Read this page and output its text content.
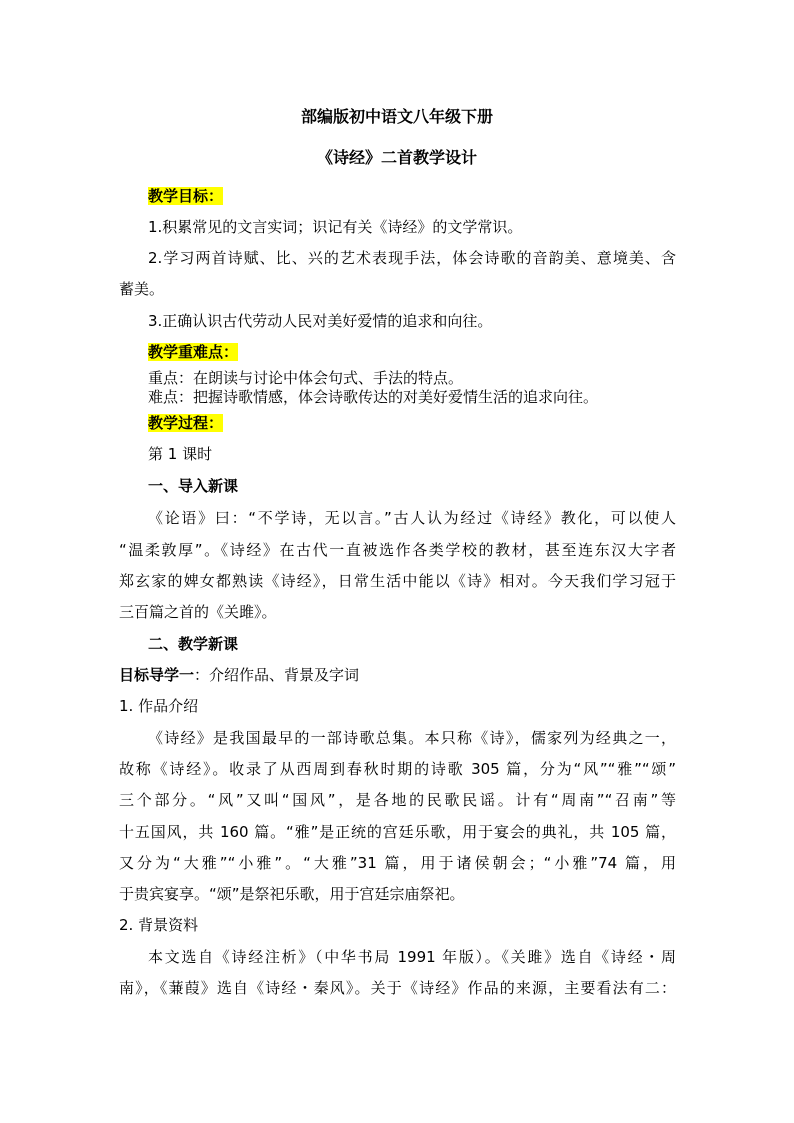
部编版初中语文八年级下册
《诗经》二首教学设计
教学目标：
1.积累常见的文言实词；识记有关《诗经》的文学常识。
2.学习两首诗赋、比、兴的艺术表现手法，体会诗歌的音韵美、意境美、含
蓄美。
3.正确认识古代劳动人民对美好爱情的追求和向往。
教学重难点：
重点：在朗读与讨论中体会句式、手法的特点。
难点：把握诗歌情感，体会诗歌传达的对美好爱情生活的追求向往。
教学过程：
第 1 课时
一、导入新课
《论语》曰：“不学诗，无以言。”古人认为经过《诗经》教化，可以使人
“温柔敦厚”。《诗经》在古代一直被选作各类学校的教材，甚至连东汉大字者
郑玄家的婢女都熟读《诗经》，日常生活中能以《诗》相对。今天我们学习冠于
三百篇之首的《关雎》。
二、教学新课
目标导学一：介绍作品、背景及字词
1. 作品介绍
《诗经》是我国最早的一部诗歌总集。本只称《诗》，儒家列为经典之一，
故称《诗经》。收录了从西周到春秋时期的诗歌 305 篇，分为“风”“雅”“颂”
三个部分。“风”又叫“国风”，是各地的民歌民谣。计有“周南”“召南”等
十五国风，共 160 篇。“雅”是正统的宫廷乐歌，用于宴会的典礼，共 105 篇，
又分为“大雅”“小雅”。“大雅”31 篇，用于诸侯朝会；“小雅”74 篇，用
于贵宾宴享。“颂”是祭祀乐歌，用于宫廷宗庙祭祀。
2. 背景资料
本文选自《诗经注析》（中华书局 1991 年版）。《关雎》选自《诗经・周
南》，《蒹葭》选自《诗经・秦风》。关于《诗经》作品的来源，主要看法有二：
